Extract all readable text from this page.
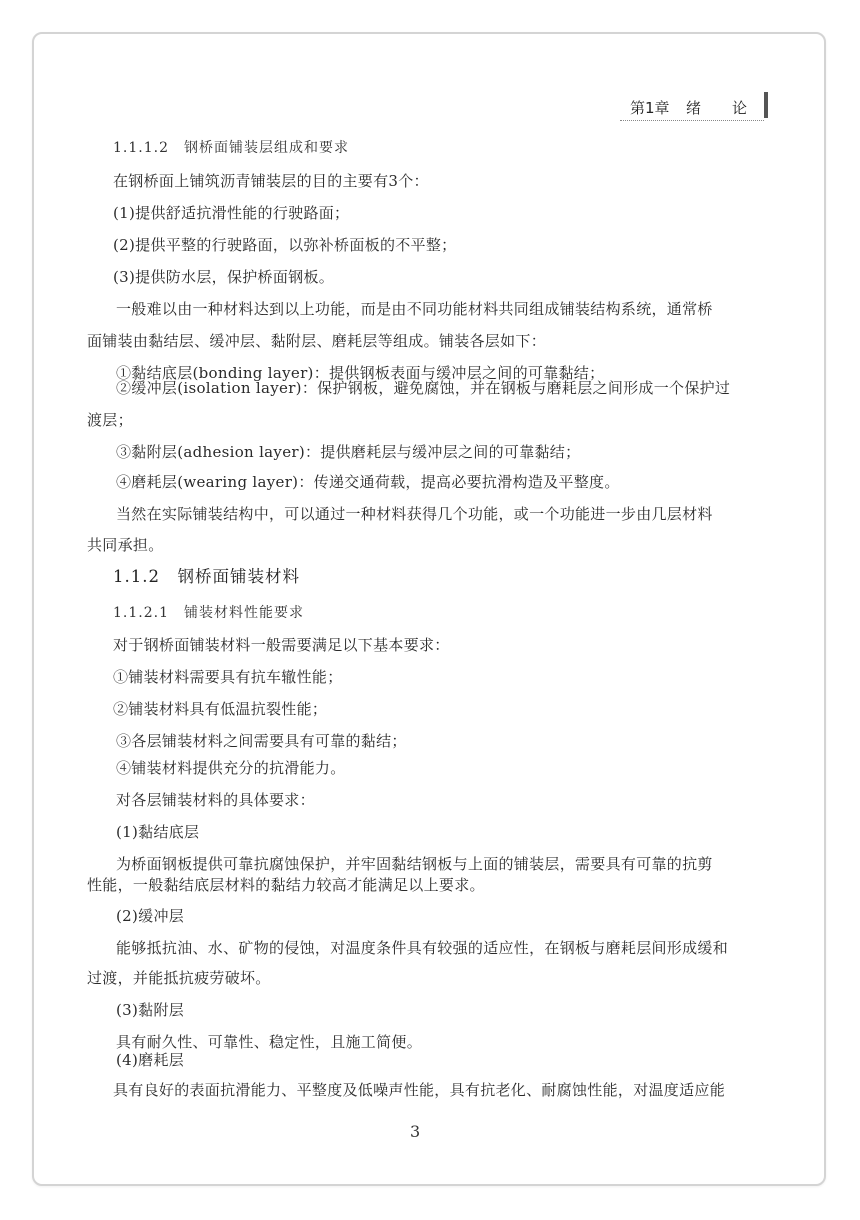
第1章 绪 论
1.1.1.2　钢桥面铺装层组成和要求
在钢桥面上铺筑沥青铺装层的目的主要有3个：
(1)提供舒适抗滑性能的行驶路面；
(2)提供平整的行驶路面，以弥补桥面板的不平整；
(3)提供防水层，保护桥面钢板。
一般难以由一种材料达到以上功能，而是由不同功能材料共同组成铺装结构系统，通常桥
面铺装由黏结层、缓冲层、黏附层、磨耗层等组成。铺装各层如下：
①黏结底层(bonding layer)：提供钢板表面与缓冲层之间的可靠黏结；
②缓冲层(isolation layer)：保护钢板，避免腐蚀，并在钢板与磨耗层之间形成一个保护过
渡层；
③黏附层(adhesion layer)：提供磨耗层与缓冲层之间的可靠黏结；
④磨耗层(wearing layer)：传递交通荷载，提高必要抗滑构造及平整度。
当然在实际铺装结构中，可以通过一种材料获得几个功能，或一个功能进一步由几层材料
共同承担。
1.1.2　钢桥面铺装材料
1.1.2.1　铺装材料性能要求
对于钢桥面铺装材料一般需要满足以下基本要求：
①铺装材料需要具有抗车辙性能；
②铺装材料具有低温抗裂性能；
③各层铺装材料之间需要具有可靠的黏结；
④铺装材料提供充分的抗滑能力。
对各层铺装材料的具体要求：
(1)黏结底层
为桥面钢板提供可靠抗腐蚀保护，并牢固黏结钢板与上面的铺装层，需要具有可靠的抗剪
性能，一般黏结底层材料的黏结力较高才能满足以上要求。
(2)缓冲层
能够抵抗油、水、矿物的侵蚀，对温度条件具有较强的适应性，在钢板与磨耗层间形成缓和
过渡，并能抵抗疲劳破坏。
(3)黏附层
具有耐久性、可靠性、稳定性，且施工简便。
(4)磨耗层
具有良好的表面抗滑能力、平整度及低噪声性能，具有抗老化、耐腐蚀性能，对温度适应能
3
